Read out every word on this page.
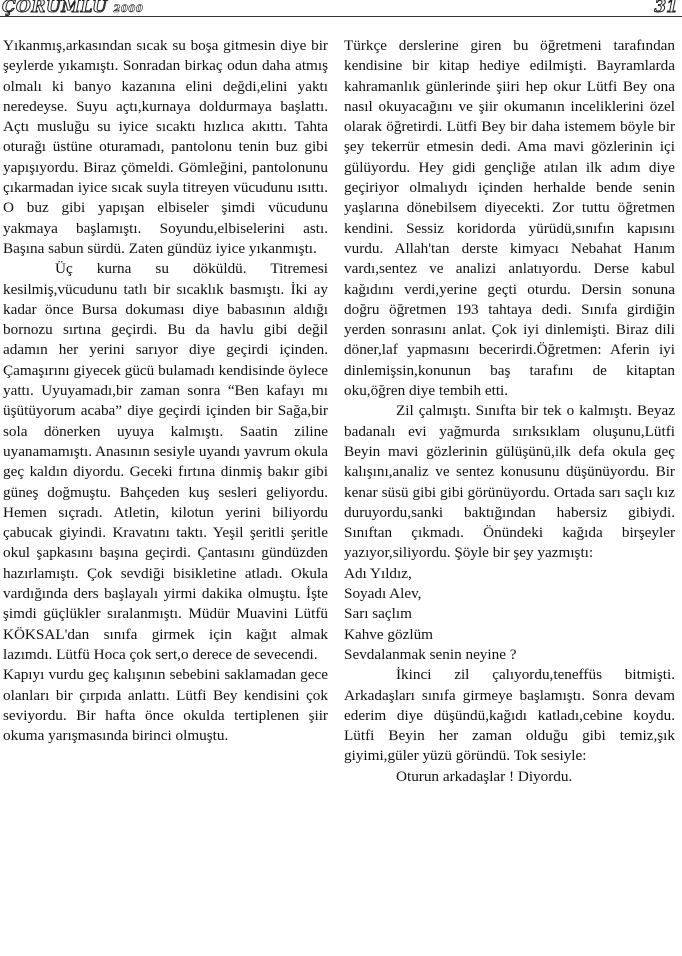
ÇORUMLU 2000	31

Yıkanmış,arkasından sıcak su boşa gitmesin diye bir şeylerde yıkamıştı. Sonradan birkaç odun daha atmış olmalı ki banyo kazanına elini değdi,elini yaktı neredeyse. Suyu açtı,kurnaya doldurmaya başlattı. Açtı musluğu su iyice sıcaktı hızlıca akıttı. Tahta oturağı üstüne oturamadı, pantolonu tenin buz gibi yapışıyordu. Biraz çömeldi. Gömleğini, pantolonunu çıkarmadan iyice sıcak suyla titreyen vücudunu ısıttı. O buz gibi yapışan elbiseler şimdi vücudunu yakmaya başlamıştı. Soyundu,elbiselerini astı. Başına sabun sürdü. Zaten gündüz iyice yıkanmıştı.

Üç kurna su döküldü. Titremesi kesilmiş,vücudunu tatlı bir sıcaklık basmıştı. İki ay kadar önce Bursa dokuması diye babasının aldığı bornozu sırtına geçirdi. Bu da havlu gibi değil adamın her yerini sarıyor diye geçirdi içinden. Çamaşırını giyecek gücü bulamadı kendisinde öylece yattı. Uyuyamadı,bir zaman sonra “Ben kafayı mı üşütüyorum acaba” diye geçirdi içinden bir Sağa,bir sola dönerken uyuya kalmıştı. Saatin ziline uyanamamıştı. Anasının sesiyle uyandı yavrum okula geç kaldın diyordu. Geceki fırtına dinmiş bakır gibi güneş doğmuştu. Bahçeden kuş sesleri geliyordu. Hemen sıçradı. Atletin, kilotun yerini biliyordu çabucak giyindi. Kravatını taktı. Yeşil şeritli şeritle okul şapkasını başına geçirdi. Çantasını gündüzden hazırlamıştı. Çok sevdiği bisikletine atladı. Okula vardığında ders başlayalı yirmi dakika olmuştu. İşte şimdi güçlükler sıralanmıştı. Müdür Muavini Lütfü KÖKSAL'dan sınıfa girmek için kağıt almak lazımdı. Lütfü Hoca çok sert,o derece de sevecendi.

Kapıyı vurdu geç kalışının sebebini saklamadan gece olanları bir çırpıda anlattı. Lütfi Bey kendisini çok seviyordu. Bir hafta önce okulda tertiplenen şiir okuma yarışmasında birinci olmuştu.

Türkçe derslerine giren bu öğretmeni tarafından kendisine bir kitap hediye edilmişti. Bayramlarda kahramanlık günlerinde şiiri hep okur Lütfi Bey ona nasıl okuyacağını ve şiir okumanın inceliklerini özel olarak öğretirdi. Lütfi Bey bir daha istemem böyle bir şey tekerrür etmesin dedi. Ama mavi gözlerinin içi gülüyordu. Hey gidi gençliğe atılan ilk adım diye geçiriyor olmalıydı içinden herhalde bende senin yaşlarına dönebilsem diyecekti. Zor tuttu öğretmen kendini. Sessiz koridorda yürüdü,sınıfın kapısını vurdu. Allah'tan derste kimyacı Nebahat Hanım vardı,sentez ve analizi anlatıyordu. Derse kabul kağıdını verdi,yerine geçti oturdu. Dersin sonuna doğru öğretmen 193 tahtaya dedi. Sınıfa girdiğin yerden sonrasını anlat. Çok iyi dinlemişti. Biraz dili döner,laf yapmasını becerirdi.Öğretmen: Aferin iyi dinlemişsin,konunun baş tarafını de kitaptan oku,öğren diye tembih etti.

Zil çalmıştı. Sınıfta bir tek o kalmıştı. Beyaz badanalı evi yağmurda sırıksıklam oluşunu,Lütfi Beyin mavi gözlerinin gülüşünü,ilk defa okula geç kalışını,analiz ve sentez konusunu düşünüyordu. Bir kenar süsü gibi gibi görünüyordu. Ortada sarı saçlı kız duruyordu,sanki baktığından habersiz gibiydi. Sınıftan çıkmadı. Önündeki kağıda birşeyler yazıyor,siliyordu. Şöyle bir şey yazmıştı:

Adı Yıldız,

Soyadı Alev,

Sarı saçlım

Kahve gözlüm

Sevdalanmak senin neyine ?

İkinci zil çalıyordu,teneffüs bitmişti. Arkadaşları sınıfa girmeye başlamıştı. Sonra devam ederim diye düşündü,kağıdı katladı,cebine koydu. Lütfi Beyin her zaman olduğu gibi temiz,şık giyimi,güler yüzü göründü. Tok sesiyle:

Oturun arkadaşlar ! Diyordu.
